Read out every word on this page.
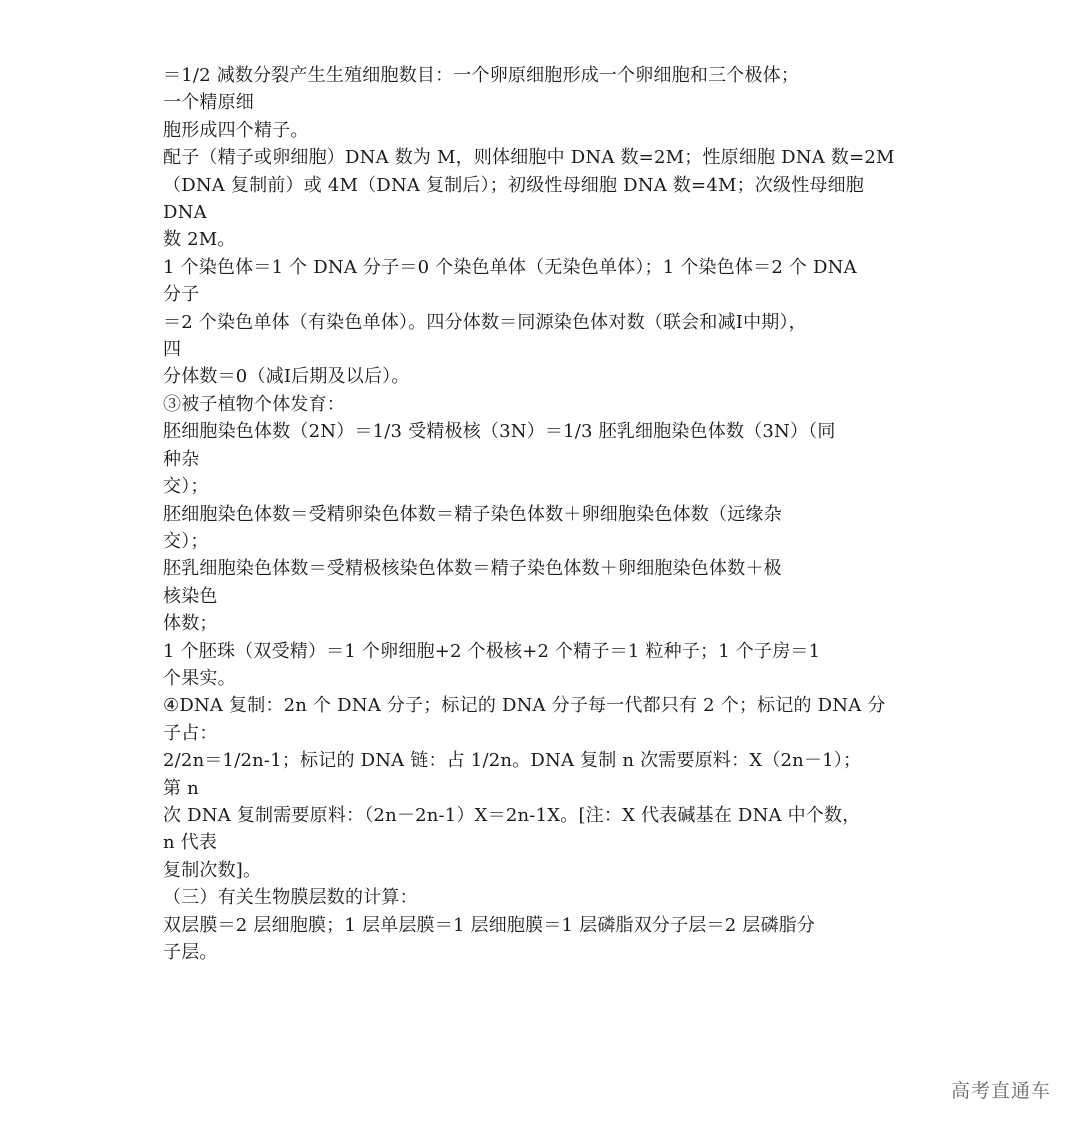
＝1/2 减数分裂产生生殖细胞数目：一个卵原细胞形成一个卵细胞和三个极体；
一个精原细
胞形成四个精子。
配子（精子或卵细胞）DNA 数为 M，则体细胞中 DNA 数=2M；性原细胞 DNA 数=2M
（DNA 复制前）或 4M（DNA 复制后）；初级性母细胞 DNA 数=4M；次级性母细胞
DNA
数 2M。
1 个染色体＝1 个 DNA 分子＝0 个染色单体（无染色单体）；1 个染色体＝2 个 DNA
分子
＝2 个染色单体（有染色单体）。四分体数＝同源染色体对数（联会和减Ⅰ中期），
四
分体数＝0（减Ⅰ后期及以后）。
③被子植物个体发育：
胚细胞染色体数（2N）＝1/3 受精极核（3N）＝1/3 胚乳细胞染色体数（3N）（同
种杂
交）；
胚细胞染色体数＝受精卵染色体数＝精子染色体数＋卵细胞染色体数（远缘杂
交）；
胚乳细胞染色体数＝受精极核染色体数＝精子染色体数＋卵细胞染色体数＋极
核染色
体数；
1 个胚珠（双受精）＝1 个卵细胞+2 个极核+2 个精子＝1 粒种子；1 个子房＝1
个果实。
④DNA 复制：2n 个 DNA 分子；标记的 DNA 分子每一代都只有 2 个；标记的 DNA 分
子占：
2/2n＝1/2n-1；标记的 DNA 链：占 1/2n。DNA 复制 n 次需要原料：X（2n－1）；
第 n
次 DNA 复制需要原料：（2n－2n-1）X＝2n-1X。[注：X 代表碱基在 DNA 中个数，
n 代表
复制次数]。
（三）有关生物膜层数的计算：
双层膜＝2 层细胞膜；1 层单层膜＝1 层细胞膜＝1 层磷脂双分子层＝2 层磷脂分
子层。
高考直通车
